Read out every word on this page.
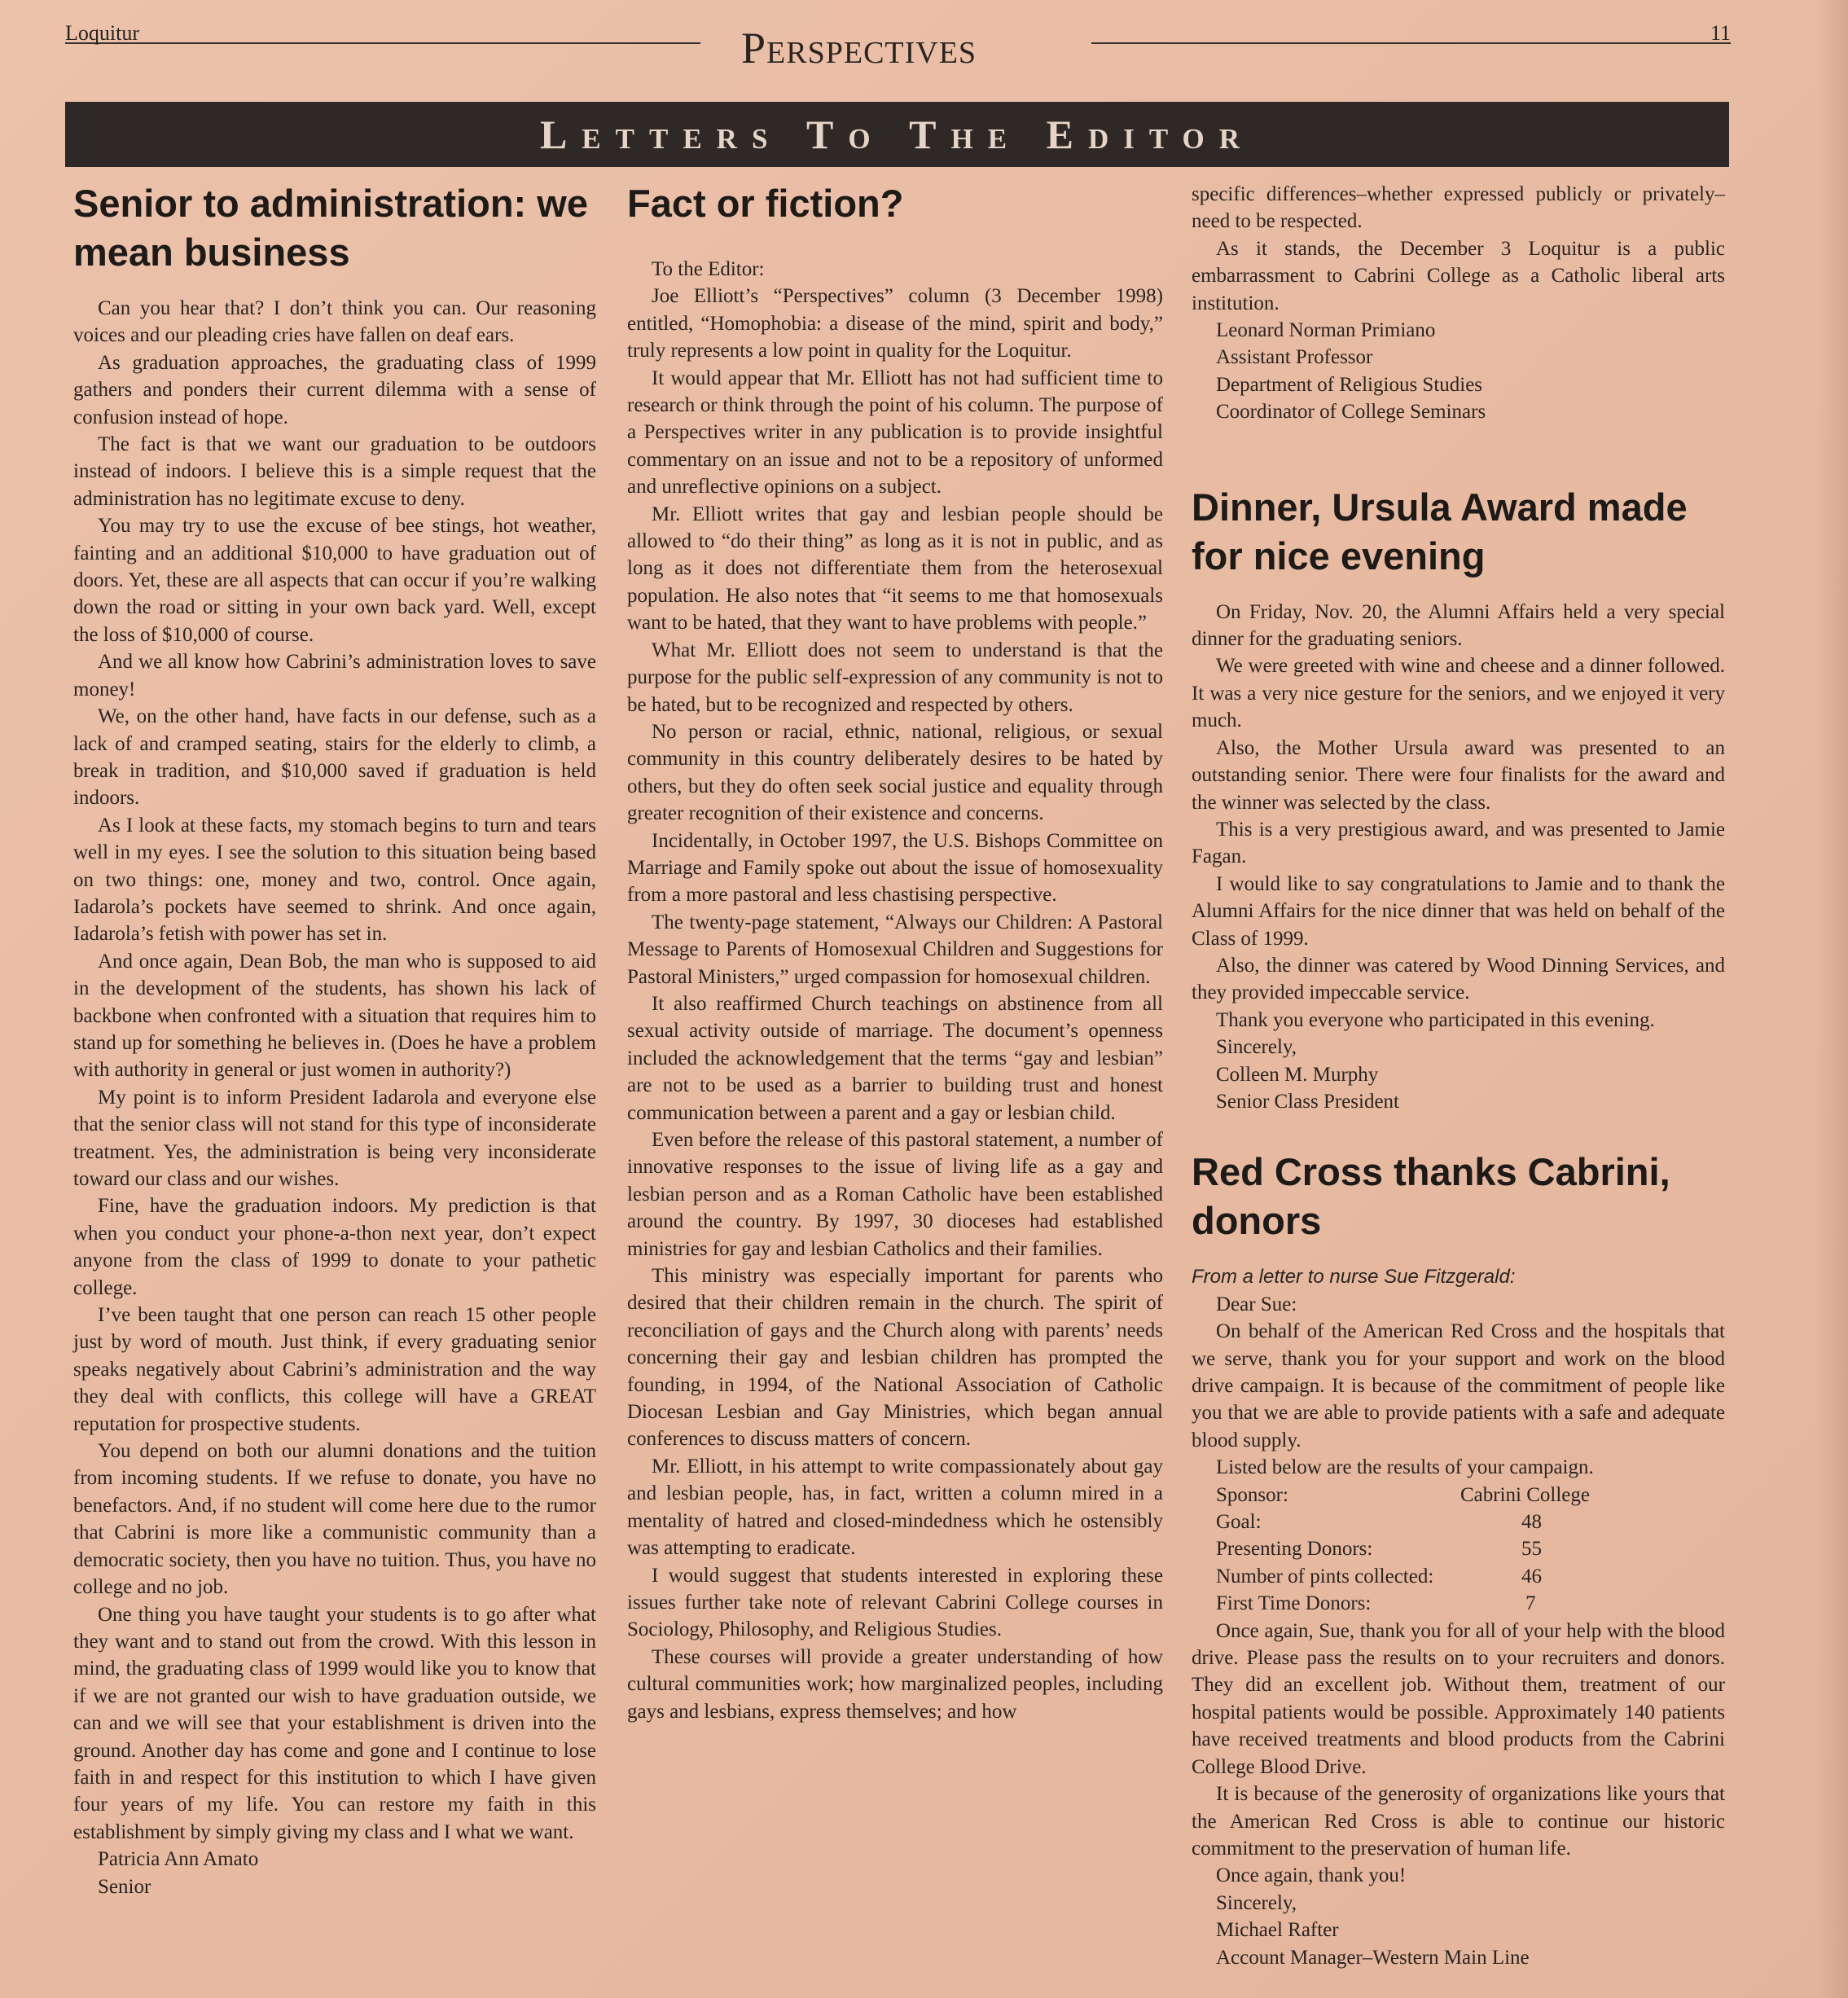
Loquitur	Perspectives	11
Letters To The Editor
Senior to administration: we mean business

Can you hear that? I don’t think you can. Our reasoning voices and our pleading cries have fallen on deaf ears.

As graduation approaches, the graduating class of 1999 gathers and ponders their current dilemma with a sense of confusion instead of hope.

The fact is that we want our graduation to be outdoors instead of indoors. I believe this is a simple request that the administration has no legitimate excuse to deny.

You may try to use the excuse of bee stings, hot weather, fainting and an additional $10,000 to have graduation out of doors. Yet, these are all aspects that can occur if you’re walking down the road or sitting in your own back yard. Well, except the loss of $10,000 of course.

And we all know how Cabrini’s administration loves to save money!

We, on the other hand, have facts in our defense, such as a lack of and cramped seating, stairs for the elderly to climb, a break in tradition, and $10,000 saved if graduation is held indoors.

As I look at these facts, my stomach begins to turn and tears well in my eyes. I see the solution to this situation being based on two things: one, money and two, control. Once again, Iadarola’s pockets have seemed to shrink. And once again, Iadarola’s fetish with power has set in.

And once again, Dean Bob, the man who is supposed to aid in the development of the students, has shown his lack of backbone when confronted with a situation that requires him to stand up for something he believes in. (Does he have a problem with authority in general or just women in authority?)

My point is to inform President Iadarola and everyone else that the senior class will not stand for this type of inconsiderate treatment. Yes, the administration is being very inconsiderate toward our class and our wishes.

Fine, have the graduation indoors. My prediction is that when you conduct your phone-a-thon next year, don’t expect anyone from the class of 1999 to donate to your pathetic college.

I’ve been taught that one person can reach 15 other people just by word of mouth. Just think, if every graduating senior speaks negatively about Cabrini’s administration and the way they deal with conflicts, this college will have a GREAT reputation for prospective students.

You depend on both our alumni donations and the tuition from incoming students. If we refuse to donate, you have no benefactors. And, if no student will come here due to the rumor that Cabrini is more like a communistic community than a democratic society, then you have no tuition. Thus, you have no college and no job.

One thing you have taught your students is to go after what they want and to stand out from the crowd. With this lesson in mind, the graduating class of 1999 would like you to know that if we are not granted our wish to have graduation outside, we can and we will see that your establishment is driven into the ground. Another day has come and gone and I continue to lose faith in and respect for this institution to which I have given four years of my life. You can restore my faith in this establishment by simply giving my class and I what we want.

Patricia Ann Amato

Senior

Fact or fiction?

To the Editor:

Joe Elliott’s “Perspectives” column (3 December 1998) entitled, “Homophobia: a disease of the mind, spirit and body,” truly represents a low point in quality for the Loquitur.

It would appear that Mr. Elliott has not had sufficient time to research or think through the point of his column. The purpose of a Perspectives writer in any publication is to provide insightful commentary on an issue and not to be a repository of unformed and unreflective opinions on a subject.

Mr. Elliott writes that gay and lesbian people should be allowed to “do their thing” as long as it is not in public, and as long as it does not differentiate them from the heterosexual population. He also notes that “it seems to me that homosexuals want to be hated, that they want to have problems with people.”

What Mr. Elliott does not seem to understand is that the purpose for the public self-expression of any community is not to be hated, but to be recognized and respected by others.

No person or racial, ethnic, national, religious, or sexual community in this country deliberately desires to be hated by others, but they do often seek social justice and equality through greater recognition of their existence and concerns.

Incidentally, in October 1997, the U.S. Bishops Committee on Marriage and Family spoke out about the issue of homosexuality from a more pastoral and less chastising perspective.

The twenty-page statement, “Always our Children: A Pastoral Message to Parents of Homosexual Children and Suggestions for Pastoral Ministers,” urged compassion for homosexual children.

It also reaffirmed Church teachings on abstinence from all sexual activity outside of marriage. The document’s openness included the acknowledgement that the terms “gay and lesbian” are not to be used as a barrier to building trust and honest communication between a parent and a gay or lesbian child.

Even before the release of this pastoral statement, a number of innovative responses to the issue of living life as a gay and lesbian person and as a Roman Catholic have been established around the country. By 1997, 30 dioceses had established ministries for gay and lesbian Catholics and their families.

This ministry was especially important for parents who desired that their children remain in the church. The spirit of reconciliation of gays and the Church along with parents’ needs concerning their gay and lesbian children has prompted the founding, in 1994, of the National Association of Catholic Diocesan Lesbian and Gay Ministries, which began annual conferences to discuss matters of concern.

Mr. Elliott, in his attempt to write compassionately about gay and lesbian people, has, in fact, written a column mired in a mentality of hatred and closed-mindedness which he ostensibly was attempting to eradicate.

I would suggest that students interested in exploring these issues further take note of relevant Cabrini College courses in Sociology, Philosophy, and Religious Studies.

These courses will provide a greater understanding of how cultural communities work; how marginalized peoples, including gays and lesbians, express themselves; and how

specific differences–whether expressed publicly or privately–need to be respected.

As it stands, the December 3 Loquitur is a public embarrassment to Cabrini College as a Catholic liberal arts institution.

Leonard Norman Primiano

Assistant Professor

Department of Religious Studies

Coordinator of College Seminars

Dinner, Ursula Award made for nice evening

On Friday, Nov. 20, the Alumni Affairs held a very special dinner for the graduating seniors.

We were greeted with wine and cheese and a dinner followed. It was a very nice gesture for the seniors, and we enjoyed it very much.

Also, the Mother Ursula award was presented to an outstanding senior. There were four finalists for the award and the winner was selected by the class.

This is a very prestigious award, and was presented to Jamie Fagan.

I would like to say congratulations to Jamie and to thank the Alumni Affairs for the nice dinner that was held on behalf of the Class of 1999.

Also, the dinner was catered by Wood Dinning Services, and they provided impeccable service.

Thank you everyone who participated in this evening.

Sincerely,

Colleen M. Murphy

Senior Class President

Red Cross thanks Cabrini, donors

From a letter to nurse Sue Fitzgerald:

Dear Sue:

On behalf of the American Red Cross and the hospitals that we serve, thank you for your support and work on the blood drive campaign. It is because of the commitment of people like you that we are able to provide patients with a safe and adequate blood supply.

Listed below are the results of your campaign.

Sponsor:	Cabrini College
Goal:	48
Presenting Donors:	55
Number of pints collected:	46
First Time Donors:	7

Once again, Sue, thank you for all of your help with the blood drive. Please pass the results on to your recruiters and donors. They did an excellent job. Without them, treatment of our hospital patients would be possible. Approximately 140 patients have received treatments and blood products from the Cabrini College Blood Drive.

It is because of the generosity of organizations like yours that the American Red Cross is able to continue our historic commitment to the preservation of human life.

Once again, thank you!

Sincerely,

Michael Rafter

Account Manager–Western Main Line
